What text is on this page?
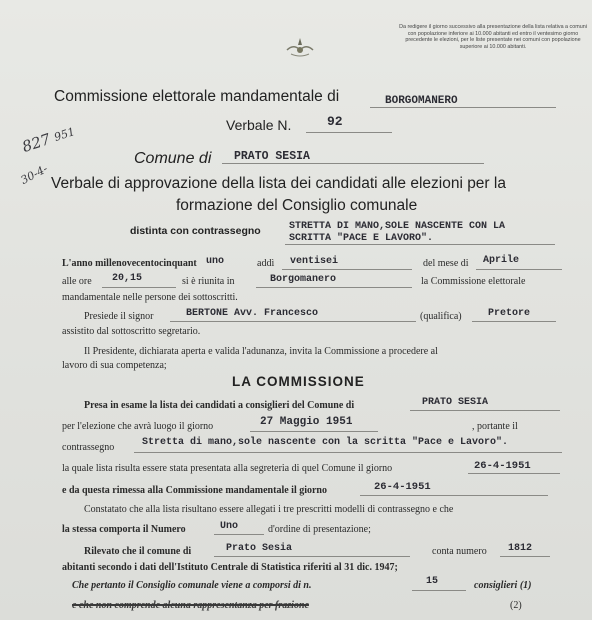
Da redigere il giorno successivo alla presentazione della lista relativa a comuni con popolazione inferiore ai 10.000 abitanti ed entro il ventesimo giorno precedente le elezioni, per le liste presentate nei comuni con popolazione superiore ai 10.000 abitanti.
827 951
30-4-
Commissione elettorale mandamentale di	BORGOMANERO
Verbale N.	92
Comune di PRATO SESIA
Verbale di approvazione della lista dei candidati alle elezioni per la
formazione del Consiglio comunale
distinta con contrassegno	STRETTA DI MANO,SOLE NASCENTE CON LA
SCRITTA "PACE E LAVORO".
L'anno millenovecentocinquant uno	addì ventisei	del mese di Aprile
alle ore 20,15	si è riunita in	Borgomanero	la Commissione elettorale
mandamentale nelle persone dei sottoscritti.
Presiede il signor	BERTONE Avv. Francesco	(qualifica)	Pretore
assistito dal sottoscritto segretario.
Il Presidente, dichiarata aperta e valida l'adunanza, invita la Commissione a procedere al
lavoro di sua competenza;
LA COMMISSIONE
Presa in esame la lista dei candidati a consiglieri del Comune di	PRATO SESIA
per l'elezione che avrà luogo il giorno	27 Maggio 1951	, portante il
contrassegno	Stretta di mano,sole nascente con la scritta "Pace e Lavoro".
la quale lista risulta essere stata presentata alla segreteria di quel Comune il giorno	26-4-1951
e da questa rimessa alla Commissione mandamentale il giorno	26-4-1951
Constatato che alla lista risultano essere allegati i tre prescritti modelli di contrassegno e che
la stessa comporta il Numero	Uno	d'ordine di presentazione;
Rilevato che il comune di	Prato Sesia	conta numero 1812
abitanti secondo i dati dell'Istituto Centrale di Statistica riferiti al 31 dic. 1947;
Che pertanto il Consiglio comunale viene a comporsi di n.	15	consiglieri (1)
e che non comprende alcuna rappresentanza per frazione	(2)
